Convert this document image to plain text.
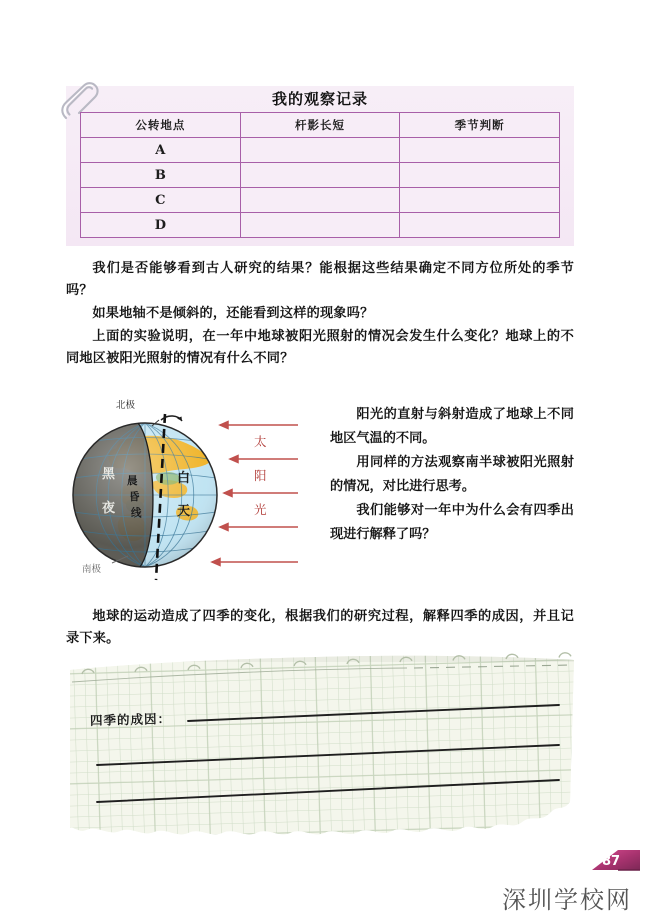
我的观察记录
公转地点	杆影长短	季节判断
A		
B		
C		
D		

我们是否能够看到古人研究的结果？能根据这些结果确定不同方位所处的季节吗？

如果地轴不是倾斜的，还能看到这样的现象吗？

上面的实验说明，在一年中地球被阳光照射的情况会发生什么变化？地球上的不同地区被阳光照射的情况有什么不同？

北极
南极
黑
夜
白
天
晨
昏
线
太
阳
光

阳光的直射与斜射造成了地球上不同地区气温的不同。

用同样的方法观察南半球被阳光照射的情况，对比进行思考。

我们能够对一年中为什么会有四季出现进行解释了吗？

地球的运动造成了四季的变化，根据我们的研究过程，解释四季的成因，并且记录下来。

四季的成因：
87
深圳学校网
